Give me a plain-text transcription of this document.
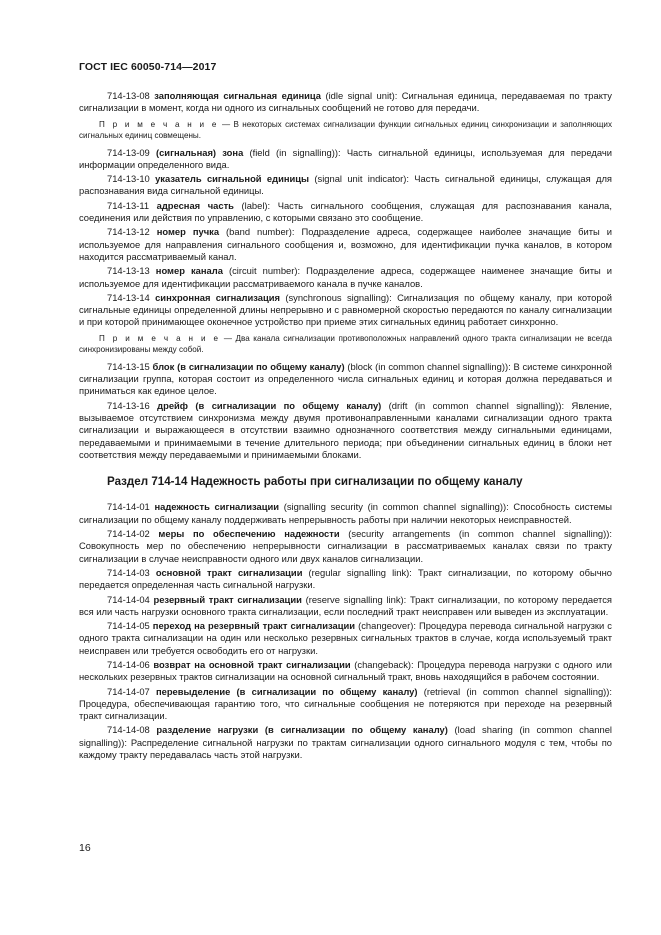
ГОСТ IEC 60050-714—2017

714-13-08 заполняющая сигнальная единица (idle signal unit): Сигнальная единица, передаваемая по тракту сигнализации в момент, когда ни одного из сигнальных сообщений не готово для передачи.

П р и м е ч а н и е — В некоторых системах сигнализации функции сигнальных единиц синхронизации и заполняющих сигнальных единиц совмещены.

714-13-09 (сигнальная) зона (field (in signalling)): Часть сигнальной единицы, используемая для передачи информации определенного вида.

714-13-10 указатель сигнальной единицы (signal unit indicator): Часть сигнальной единицы, служащая для распознавания вида сигнальной единицы.

714-13-11 адресная часть (label): Часть сигнального сообщения, служащая для распознавания канала, соединения или действия по управлению, с которыми связано это сообщение.

714-13-12 номер пучка (band number): Подразделение адреса, содержащее наиболее значащие биты и используемое для направления сигнального сообщения и, возможно, для идентификации пучка каналов, в котором находится рассматриваемый канал.

714-13-13 номер канала (circuit number): Подразделение адреса, содержащее наименее значащие биты и используемое для идентификации рассматриваемого канала в пучке каналов.

714-13-14 синхронная сигнализация (synchronous signalling): Сигнализация по общему каналу, при которой сигнальные единицы определенной длины непрерывно и с равномерной скоростью передаются по каналу сигнализации и при которой принимающее оконечное устройство при приеме этих сигнальных единиц работает синхронно.

П р и м е ч а н и е — Два канала сигнализации противоположных направлений одного тракта сигнализации не всегда синхронизированы между собой.

714-13-15 блок (в сигнализации по общему каналу) (block (in common channel signalling)): В системе синхронной сигнализации группа, которая состоит из определенного числа сигнальных единиц и которая должна передаваться и приниматься как единое целое.

714-13-16 дрейф (в сигнализации по общему каналу) (drift (in common channel signalling)): Явление, вызываемое отсутствием синхронизма между двумя противонаправленными каналами сигнализации одного тракта сигнализации и выражающееся в отсутствии взаимно однозначного соответствия между сигнальными единицами, передаваемыми и принимаемыми в течение длительного периода; при объединении сигнальных единиц в блоки нет соответствия между передаваемыми и принимаемыми блоками.

Раздел 714-14 Надежность работы при сигнализации по общему каналу

714-14-01 надежность сигнализации (signalling security (in common channel signalling)): Способность системы сигнализации по общему каналу поддерживать непрерывность работы при наличии некоторых неисправностей.

714-14-02 меры по обеспечению надежности (security arrangements (in common channel signalling)): Совокупность мер по обеспечению непрерывности сигнализации в рассматриваемых каналах связи по тракту сигнализации в случае неисправности одного или двух каналов сигнализации.

714-14-03 основной тракт сигнализации (regular signalling link): Тракт сигнализации, по которому обычно передается определенная часть сигнальной нагрузки.

714-14-04 резервный тракт сигнализации (reserve signalling link): Тракт сигнализации, по которому передается вся или часть нагрузки основного тракта сигнализации, если последний тракт неисправен или выведен из эксплуатации.

714-14-05 переход на резервный тракт сигнализации (changeover): Процедура перевода сигнальной нагрузки с одного тракта сигнализации на один или несколько резервных сигнальных трактов в случае, когда используемый тракт неисправен или требуется освободить его от нагрузки.

714-14-06 возврат на основной тракт сигнализации (changeback): Процедура перевода нагрузки с одного или нескольких резервных трактов сигнализации на основной сигнальный тракт, вновь находящийся в рабочем состоянии.

714-14-07 перевыделение (в сигнализации по общему каналу) (retrieval (in common channel signalling)): Процедура, обеспечивающая гарантию того, что сигнальные сообщения не потеряются при переходе на резервный тракт сигнализации.

714-14-08 разделение нагрузки (в сигнализации по общему каналу) (load sharing (in common channel signalling)): Распределение сигнальной нагрузки по трактам сигнализации одного сигнального модуля с тем, чтобы по каждому тракту передавалась часть этой нагрузки.

16
